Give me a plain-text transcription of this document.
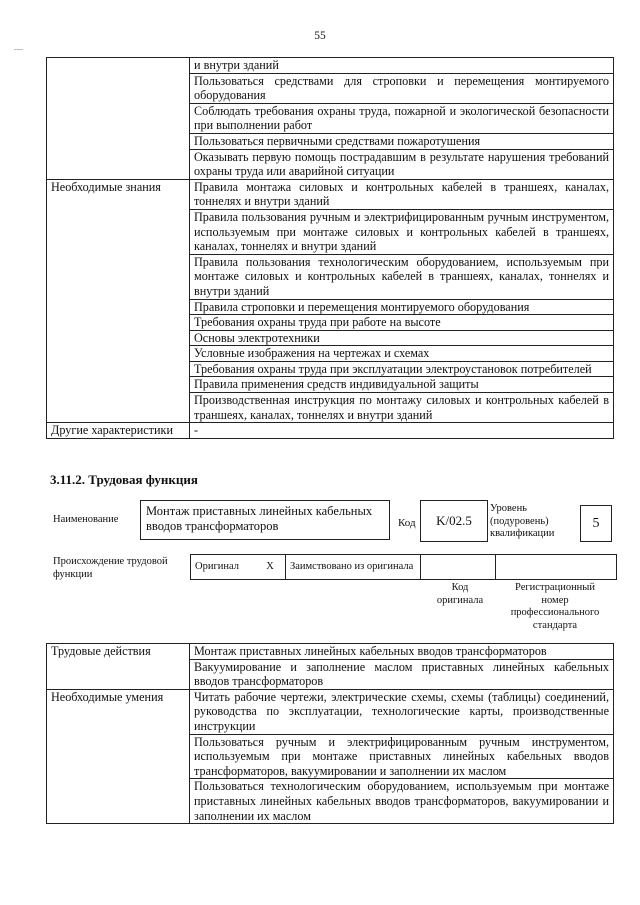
55
—
	и внутри зданий
	Пользоваться средствами для строповки и перемещения монтируемого оборудования
	Соблюдать требования охраны труда, пожарной и экологической безопасности при выполнении работ
	Пользоваться первичными средствами пожаротушения
	Оказывать первую помощь пострадавшим в результате нарушения требований охраны труда или аварийной ситуации
Необходимые знания	Правила монтажа силовых и контрольных кабелей в траншеях, каналах, тоннелях и внутри зданий
	Правила пользования ручным и электрифицированным ручным инструментом, используемым при монтаже силовых и контрольных кабелей в траншеях, каналах, тоннелях и внутри зданий
	Правила пользования технологическим оборудованием, используемым при монтаже силовых и контрольных кабелей в траншеях, каналах, тоннелях и внутри зданий
	Правила строповки и перемещения монтируемого оборудования
	Требования охраны труда при работе на высоте
	Основы электротехники
	Условные изображения на чертежах и схемах
	Требования охраны труда при эксплуатации электроустановок потребителей
	Правила применения средств индивидуальной защиты
	Производственная инструкция по монтажу силовых и контрольных кабелей в траншеях, каналах, тоннелях и внутри зданий
Другие характеристики	-
3.11.2. Трудовая функция
Наименование
Монтаж приставных линейных кабельных вводов трансформаторов	Код	K/02.5
Уровень (подуровень) квалификации
5
Происхождение трудовой функции
Оригинал	X	Заимствовано из оригинала		
Код оригинала
Регистрационный номер профессионального стандарта
Трудовые действия	Монтаж приставных линейных кабельных вводов трансформаторов
	Вакуумирование и заполнение маслом приставных линейных кабельных вводов трансформаторов
Необходимые умения	Читать рабочие чертежи, электрические схемы, схемы (таблицы) соединений, руководства по эксплуатации, технологические карты, производственные инструкции
	Пользоваться ручным и электрифицированным ручным инструментом, используемым при монтаже приставных линейных кабельных вводов трансформаторов, вакуумировании и заполнении их маслом
	Пользоваться технологическим оборудованием, используемым при монтаже приставных линейных кабельных вводов трансформаторов, вакуумировании и заполнении их маслом
